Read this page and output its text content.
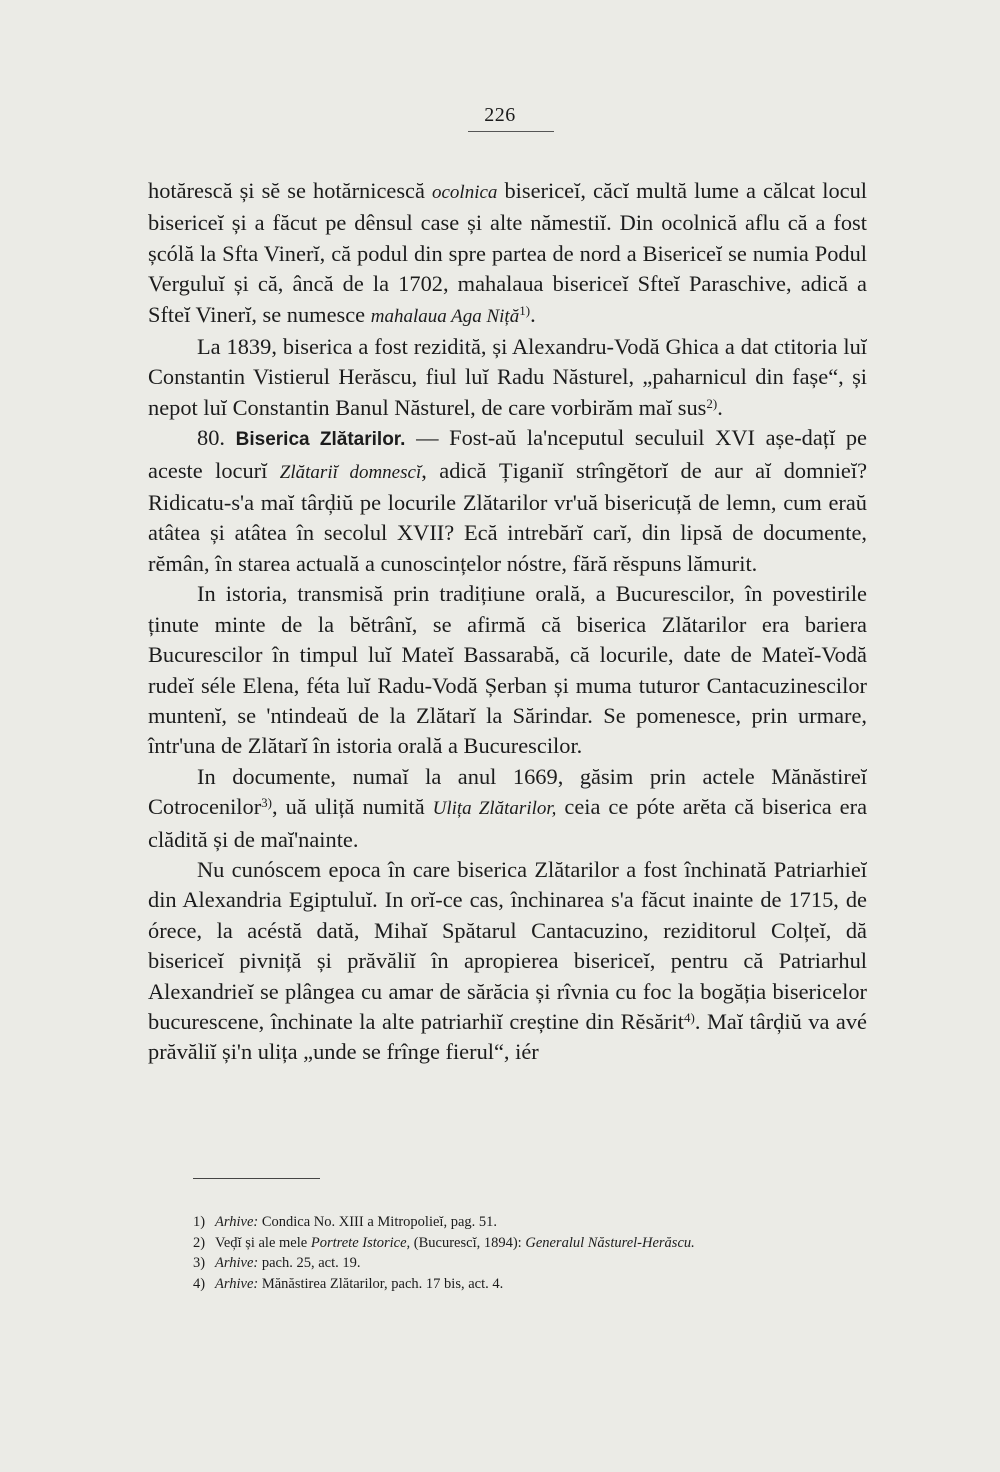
226

hotărescă și sĕ se hotărnicescă ocolnica bisericeĭ, căcĭ multă lume a călcat locul bisericeĭ și a făcut pe dênsul case și alte nămestiĭ. Din ocolnică aflu că a fost șcólă la Sfta Vinerĭ, că podul din spre partea de nord a Bisericeĭ se numia Podul Verguluĭ și că, âncă de la 1702, mahalaua bisericeĭ Sfteĭ Paraschive, adică a Sfteĭ Vinerĭ, se numesce mahalaua Aga Niță$^{1)}$.

La 1839, biserica a fost rezidită, și Alexandru-Vodă Ghica a dat ctitoria luĭ Constantin Vistierul Herăscu, fiul luĭ Radu Năsturel, „paharnicul din fașe“, și nepot luĭ Constantin Banul Năsturel, de care vorbirăm maĭ sus$^{2)}$.

80. Biserica Zlătarilor. — Fost-aŭ la'nceputul seculuil XVI așe-dațĭ pe aceste locurĭ Zlătariĭ domnescĭ, adică Țiganiĭ strîngĕtorĭ de aur aĭ domnieĭ? Ridicatu-s'a maĭ târḑiŭ pe locurile Zlătarilor vr'uă bisericuță de lemn, cum eraŭ atâtea și atâtea în secolul XVII? Ecă intrebărĭ carĭ, din lipsă de documente, rĕmân, în starea actuală a cunoscințelor nóstre, fără rĕspuns lămurit.

In istoria, transmisă prin tradițiune orală, a Bucurescilor, în povestirile ținute minte de la bĕtrânĭ, se afirmă că biserica Zlătarilor era bariera Bucurescilor în timpul luĭ Mateĭ Bassarabă, că locurile, date de Mateĭ-Vodă rudeĭ séle Elena, féta luĭ Radu-Vodă Șerban și muma tuturor Cantacuzinescilor muntenĭ, se 'ntindeaŭ de la Zlătarĭ la Sărindar. Se pomenesce, prin urmare, într'una de Zlătarĭ în istoria orală a Bucurescilor.

In documente, numaĭ la anul 1669, găsim prin actele Mănăstireĭ Cotrocenilor$^{3)}$, uă uliță numită Ulița Zlătarilor, ceia ce póte arĕta că biserica era clădită și de maĭ'nainte.

Nu cunóscem epoca în care biserica Zlătarilor a fost închinată Patriarhieĭ din Alexandria Egiptuluĭ. In orĭ-ce cas, închinarea s'a făcut inainte de 1715, de órece, la acéstă dată, Mihaĭ Spătarul Cantacuzino, reziditorul Colțeĭ, dă bisericeĭ pivniță și prăvăliĭ în apropierea bisericeĭ, pentru că Patriarhul Alexandrieĭ se plângea cu amar de sărăcia și rîvnia cu foc la bogăția bisericelor bucurescene, închinate la alte patriarhiĭ creștine din Rĕsărit$^{4)}$. Maĭ târḑiŭ va avé prăvăliĭ și'n ulița „unde se frînge fierul“, iér

1) Arhive: Condica No. XIII a Mitropolieĭ, pag. 51.
2) Veḑĭ și ale mele Portrete Istorice, (Bucurescĭ, 1894): Generalul Năsturel-Herăscu.
3) Arhive: pach. 25, act. 19.
4) Arhive: Mănăstirea Zlătarilor, pach. 17 bis, act. 4.
